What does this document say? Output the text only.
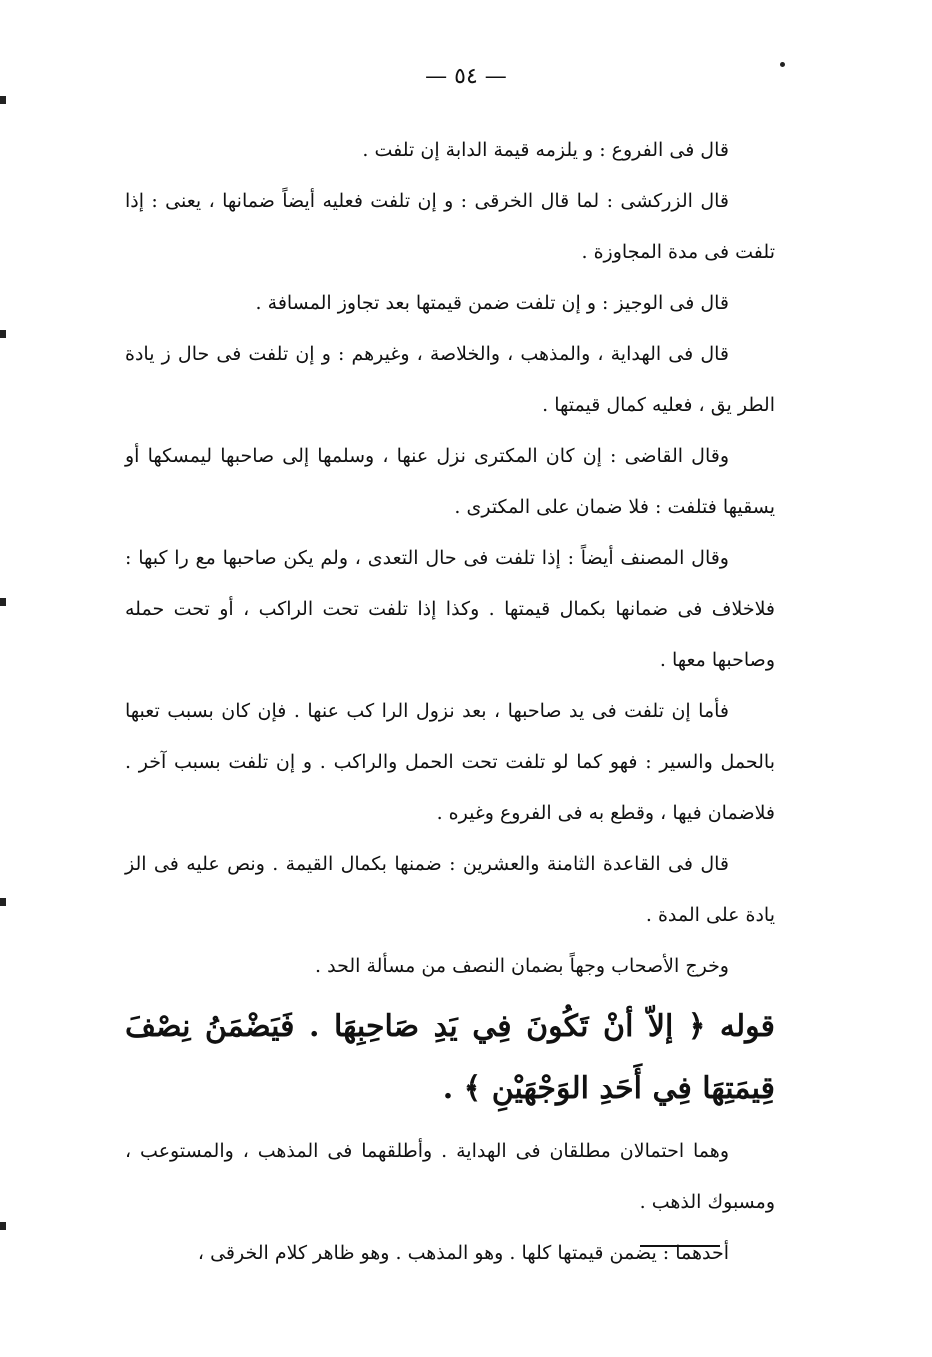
— ٥٤ —

قال فى الفروع : و يلزمه قيمة الدابة إن تلفت .

قال الزركشى : لما قال الخرقى : و إن تلفت فعليه أيضاً ضمانها ، يعنى : إذا تلفت فى مدة المجاوزة .

قال فى الوجيز : و إن تلفت ضمن قيمتها بعد تجاوز المسافة .

قال فى الهداية ، والمذهب ، والخلاصة ، وغيرهم : و إن تلفت فى حال ز يادة الطر يق ، فعليه كمال قيمتها .

وقال القاضى : إن كان المكترى نزل عنها ، وسلمها إلى صاحبها ليمسكها أو يسقيها فتلفت : فلا ضمان على المكترى .

وقال المصنف أيضاً : إذا تلفت فى حال التعدى ، ولم يكن صاحبها مع را كبها : فلاخلاف فى ضمانها بكمال قيمتها . وكذا إذا تلفت تحت الراكب ، أو تحت حمله وصاحبها معها .

فأما إن تلفت فى يد صاحبها ، بعد نزول الرا كب عنها . فإن كان بسبب تعبها بالحمل والسير : فهو كما لو تلفت تحت الحمل والراكب . و إن تلفت بسبب آخر . فلاضمان فيها ، وقطع به فى الفروع وغيره .

قال فى القاعدة الثامنة والعشرين : ضمنها بكمال القيمة . ونص عليه فى الز يادة على المدة .

وخرج الأصحاب وجهاً بضمان النصف من مسألة الحد .

قوله ﴿ إلاّ أنْ تَكُونَ فِي يَدِ صَاحِبِهَا . فَيَضْمَنُ نِصْفَ قِيمَتِهَا فِي أَحَدِ الوَجْهَيْنِ ﴾ .

وهما احتمالان مطلقان فى الهداية . وأطلقهما فى المذهب ، والمستوعب ، ومسبوك الذهب .

أحدهما : يضمن قيمتها كلها . وهو المذهب . وهو ظاهر كلام الخرقى ،
